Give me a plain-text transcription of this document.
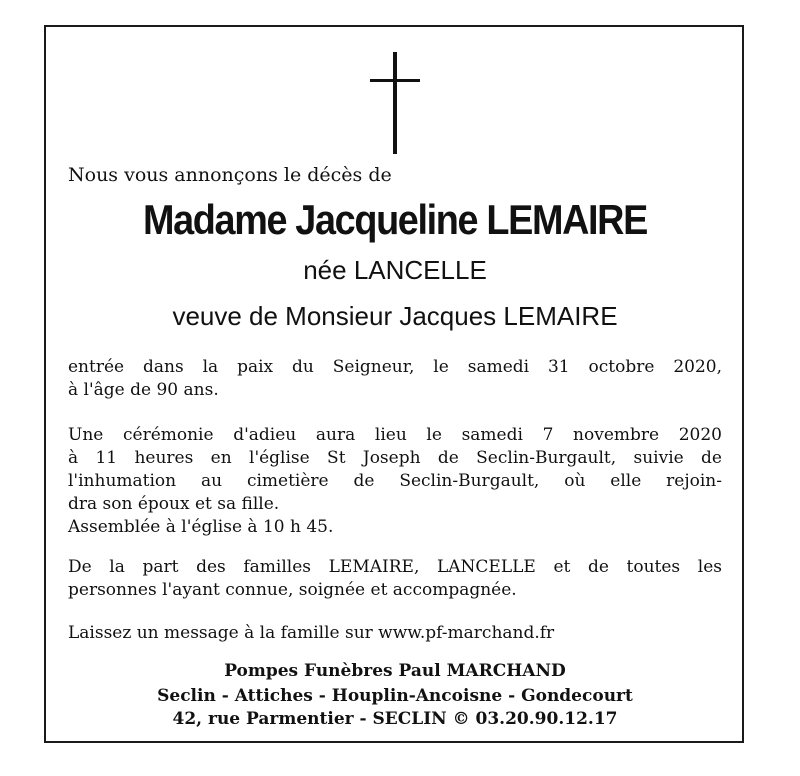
Nous vous annonçons le décès de
Madame Jacqueline LEMAIRE
née LANCELLE
veuve de Monsieur Jacques LEMAIRE
entrée dans la paix du Seigneur, le samedi 31 octobre 2020,
à l'âge de 90 ans.
Une cérémonie d'adieu aura lieu le samedi 7 novembre 2020
à 11 heures en l'église St Joseph de Seclin-Burgault, suivie de
l'inhumation au cimetière de Seclin-Burgault, où elle rejoin-
dra son époux et sa fille.
Assemblée à l'église à 10 h 45.
De la part des familles LEMAIRE, LANCELLE et de toutes les
personnes l'ayant connue, soignée et accompagnée.
Laissez un message à la famille sur www.pf-marchand.fr
Pompes Funèbres Paul MARCHAND
Seclin - Attiches - Houplin-Ancoisne - Gondecourt
42, rue Parmentier - SECLIN © 03.20.90.12.17
